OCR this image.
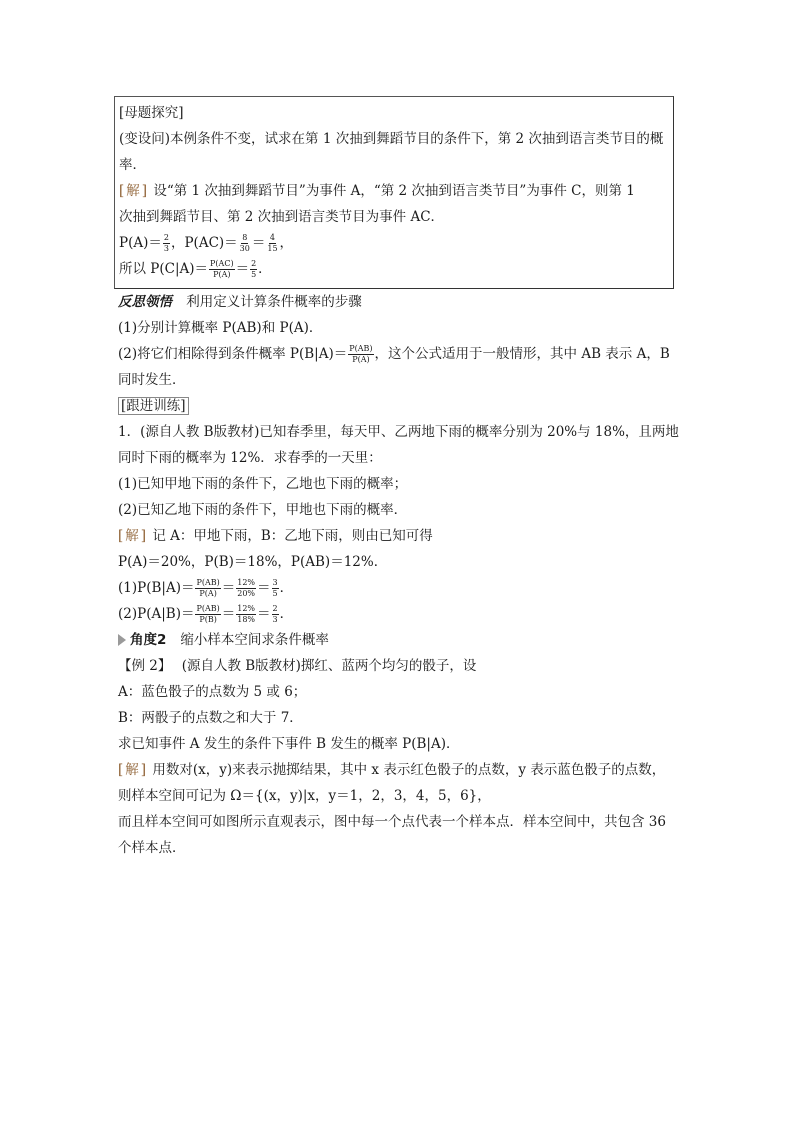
[母题探究]
(变设问)本例条件不变，试求在第 1 次抽到舞蹈节目的条件下，第 2 次抽到语言类节目的概
率．
[解] 设“第 1 次抽到舞蹈节目”为事件 A，“第 2 次抽到语言类节目”为事件 C，则第 1
次抽到舞蹈节目、第 2 次抽到语言类节目为事件 AC．
$P(A)= \frac{2}{3}$ ，$P(AC)= \frac{8}{30} = \frac{4}{15}$ ，
所以 $P(C|A)= \frac{P(AC)}{P(A)} = \frac{2}{5}$ ．
反思领悟 利用定义计算条件概率的步骤
(1)分别计算概率 P(AB)和 P(A)．
(2)将它们相除得到条件概率 $P(B|A)= \frac{P(AB)}{P(A)}$ ，这个公式适用于一般情形，其中 AB 表示 A，B
同时发生．
[跟进训练]
1．(源自人教 B版教材)已知春季里，每天甲、乙两地下雨的概率分别为 20%与 18%，且两地
同时下雨的概率为 12%．求春季的一天里：
(1)已知甲地下雨的条件下，乙地也下雨的概率；
(2)已知乙地下雨的条件下，甲地也下雨的概率．
[解] 记 A：甲地下雨，B：乙地下雨，则由已知可得
P(A)＝20%，P(B)＝18%，P(AB)＝12%．
$(1)P(B|A)= \frac{P(AB)}{P(A)} = \frac{12\%}{20\%} = \frac{3}{5}$ ．
$(2)P(A|B)= \frac{P(AB)}{P(B)} = \frac{12\%}{18\%} = \frac{2}{3}$ ．
角度2 缩小样本空间求条件概率
【例 2】 (源自人教 B版教材)掷红、蓝两个均匀的骰子，设
A：蓝色骰子的点数为 5 或 6；
B：两骰子的点数之和大于 7．
求已知事件 A 发生的条件下事件 B 发生的概率 P(B|A)．
[解] 用数对(x，y)来表示抛掷结果，其中 x 表示红色骰子的点数，y 表示蓝色骰子的点数，
则样本空间可记为 Ω＝{(x，y)|x，y＝1，2，3，4，5，6}，
而且样本空间可如图所示直观表示，图中每一个点代表一个样本点．样本空间中，共包含 36
个样本点．
